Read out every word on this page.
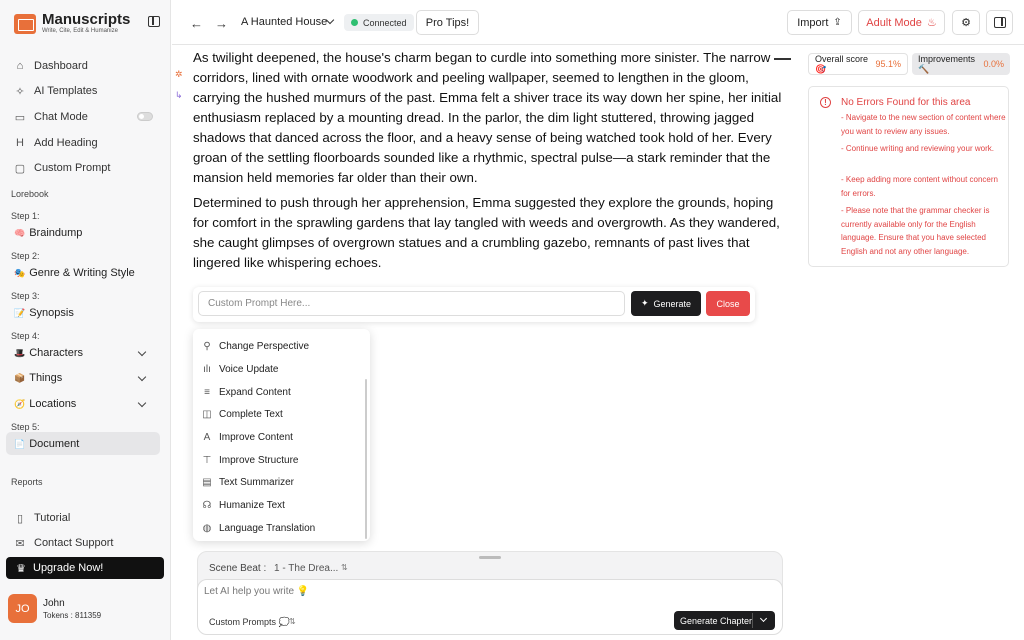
Manuscripts
Write, Cite, Edit & Humanize
⌂ Dashboard
✧ AI Templates
▭ Chat Mode
H Add Heading
▢ Custom Prompt
Lorebook
Step 1:
🧠 Braindump
Step 2:
🎭 Genre & Writing Style
Step 3:
📝 Synopsis
Step 4:
🎩 Characters
📦 Things
🧭 Locations
Step 5:
📄 Document
Reports
▯ Tutorial
✉ Contact Support
♛ Upgrade Now!
JO	John
Tokens : 811359
← → A Haunted House	Connected	Pro Tips!	Import ⇪ Adult Mode ♨ ⚙
✲
↳

As twilight deepened, the house's charm began to curdle into something more sinister. The narrow corridors, lined with ornate woodwork and peeling wallpaper, seemed to lengthen in the gloom, carrying the hushed murmurs of the past. Emma felt a shiver trace its way down her spine, her initial enthusiasm replaced by a mounting dread. In the parlor, the dim light stuttered, throwing jagged shadows that danced across the floor, and a heavy sense of being watched took hold of her. Every groan of the settling floorboards sounded like a rhythmic, spectral pulse—a stark reminder that the mansion held memories far older than their own.

Determined to push through her apprehension, Emma suggested they explore the grounds, hoping for comfort in the sprawling gardens that lay tangled with weeds and overgrowth. As they wandered, she caught glimpses of overgrown statues and a crumbling gazebo, remnants of past lives that lingered like whispering echoes.

Custom Prompt Here...	✦ Generate	Close
⚲ Change Perspective
ılı Voice Update
≡ Expand Content
◫ Complete Text
A Improve Content
⊤ Improve Structure
▤ Text Summarizer
☊ Humanize Text
◍ Language Translation
Scene Beat : 1 - The Drea... ⇅
Let AI help you write 💡
Custom Prompts 💭 ⇅	Generate Chapter
Overall score 🎯	95.1%
Improvements 🔨	0.0%
!	No Errors Found for this area
- Navigate to the new section of content where you want to review any issues.
- Continue writing and reviewing your work.
- Keep adding more content without concern for errors.
- Please note that the grammar checker is currently available only for the English language. Ensure that you have selected English and not any other language.
